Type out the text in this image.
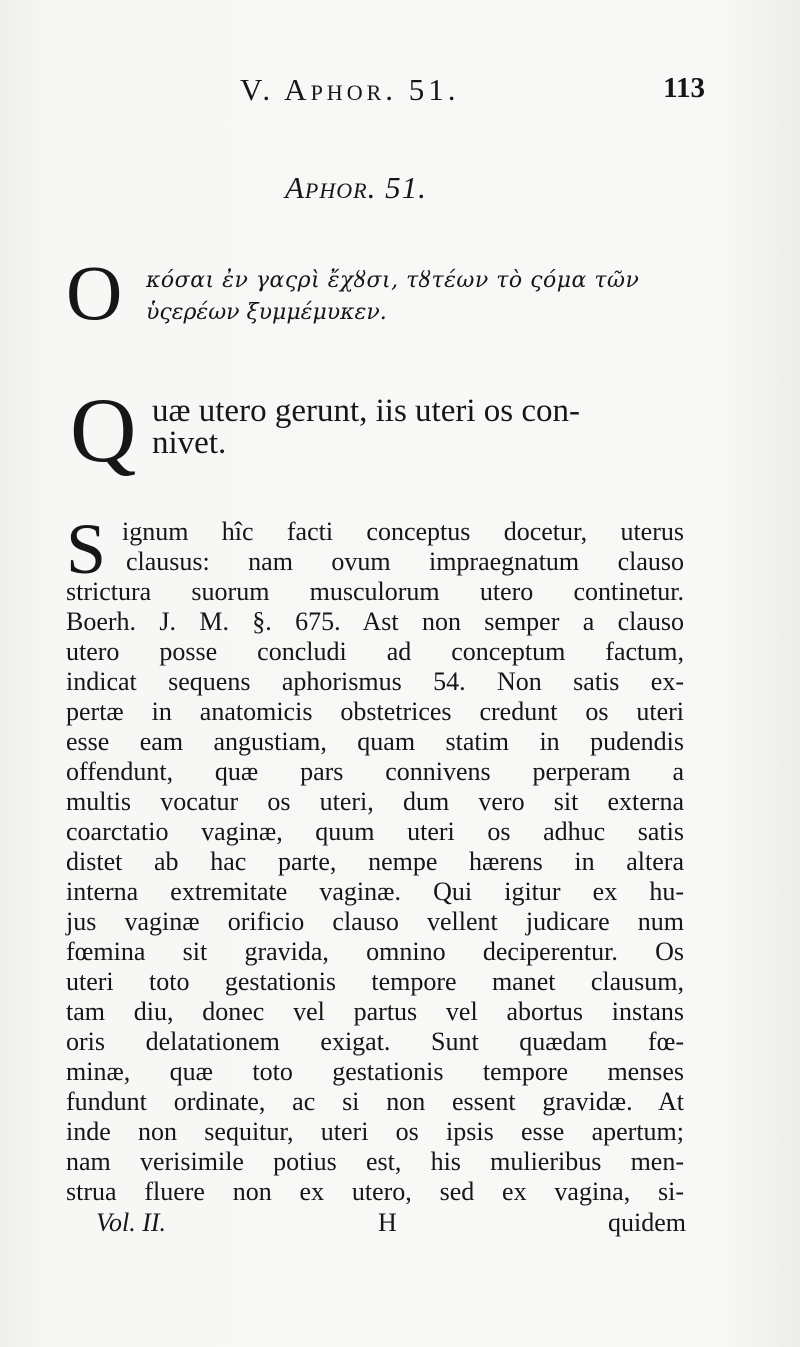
V. Aphor. 51.	113
Aphor. 51.
O κόσαι ἐν γαςρὶ ἔχȣσι, τȣτέων τὸ ςόμα τῶν
ὑςερέων ξυμμέμυκεν.
Q uæ utero gerunt, iis uteri os con-
nivet.
S ignum hîc facti conceptus docetur, uterus
clausus: nam ovum impraegnatum clauso
strictura suorum musculorum utero continetur.
Boerh. J. M. §. 675. Ast non semper a clauso
utero posse concludi ad conceptum factum,
indicat sequens aphorismus 54. Non satis ex-
pertæ in anatomicis obstetrices credunt os uteri
esse eam angustiam, quam statim in pudendis
offendunt, quæ pars connivens perperam a
multis vocatur os uteri, dum vero sit externa
coarctatio vaginæ, quum uteri os adhuc satis
distet ab hac parte, nempe hærens in altera
interna extremitate vaginæ. Qui igitur ex hu-
jus vaginæ orificio clauso vellent judicare num
fœmina sit gravida, omnino deciperentur. Os
uteri toto gestationis tempore manet clausum,
tam diu, donec vel partus vel abortus instans
oris delatationem exigat. Sunt quædam fœ-
minæ, quæ toto gestationis tempore menses
fundunt ordinate, ac si non essent gravidæ. At
inde non sequitur, uteri os ipsis esse apertum;
nam verisimile potius est, his mulieribus men-
strua fluere non ex utero, sed ex vagina, si-
Vol. II.	H	quidem
